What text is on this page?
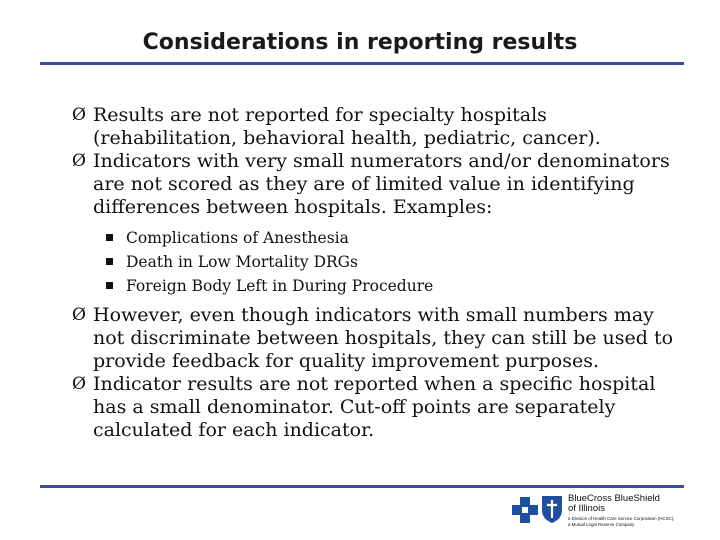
Considerations in reporting results

Ø Results are not reported for specialty hospitals (rehabilitation, behavioral health, pediatric, cancer).

Ø Indicators with very small numerators and/or denominators are not scored as they are of limited value in identifying differences between hospitals. Examples:

Complications of Anesthesia
Death in Low Mortality DRGs
Foreign Body Left in During Procedure

Ø However, even though indicators with small numbers may not discriminate between hospitals, they can still be used to provide feedback for quality improvement purposes.

Ø Indicator results are not reported when a specific hospital has a small denominator. Cut-off points are separately calculated for each indicator.

BlueCross BlueShield
of Illinois
a Division of Health Care Service Corporation (HCSC), a Mutual Legal Reserve Company
